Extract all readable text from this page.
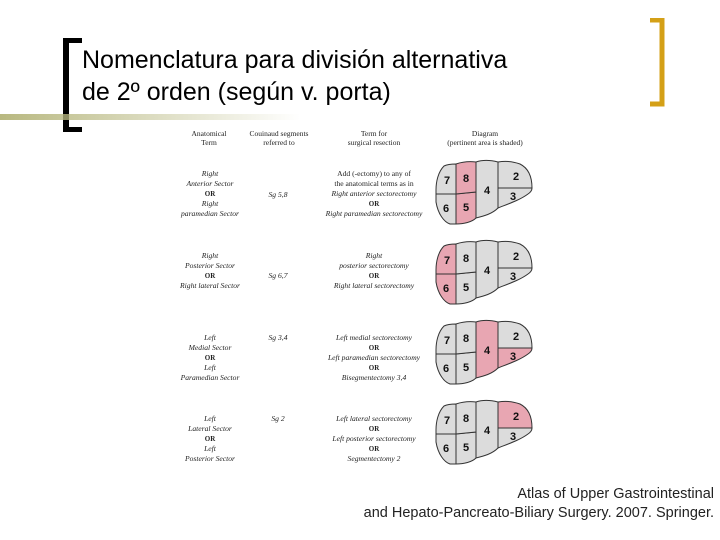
Nomenclatura para división alternativa
de 2º orden (según v. porta)
Anatomical
Term
Couinaud segments
referred to
Term for
surgical resection
Diagram
(pertinent area is shaded)
Right
Anterior Sector
OR
Right
paramedian Sector
Sg 5,8
Add (-ectomy) to any of
the anatomical terms as in
Right anterior sectorectomy
OR
Right paramedian sectorectomy
Right
Posterior Sector
OR
Right lateral Sector
Sg 6,7
Right
posterior sectorectomy
OR
Right lateral sectorectomy
Left
Medial Sector
OR
Left
Paramedian Sector
Sg 3,4	Left medial sectorectomy
OR
Left paramedian sectorectomy
OR
Bisegmentectomy 3,4
Left
Lateral Sector
OR
Left
Posterior Sector
Sg 2	Left lateral sectorectomy
OR
Left posterior sectorectomy
OR
Segmentectomy 2
7 8
4
2
3
6 5
7 8
4
2
3
6 5
7 8
4
2
3
6 5
7 8
4
2
3
6 5
Atlas of Upper Gastrointestinal
and Hepato-Pancreato-Biliary Surgery. 2007. Springer.
